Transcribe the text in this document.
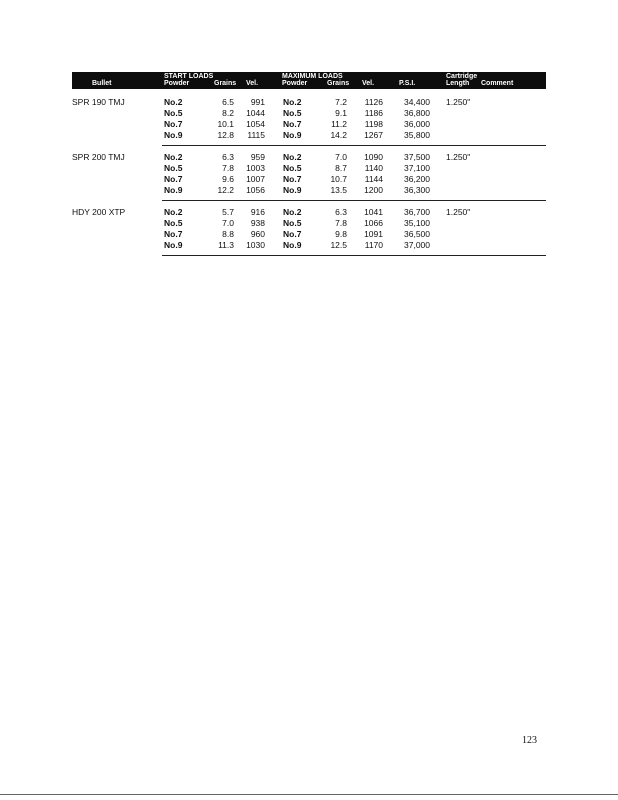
Bullet
START LOADS
Powder	Grains Vel.
MAXIMUM LOADS
Powder	Grains Vel.	P.S.I.
Cartridge
Length Comment
SPR 190 TMJ	1.250"
No.2	6.5	991 No.2	7.2	1126	34,400
No.5	8.2	1044 No.5	9.1	1186	36,800
No.7	10.1	1054 No.7	11.2	1198	36,000
No.9	12.8	1115 No.9	14.2	1267	35,800
SPR 200 TMJ	1.250"
No.2	6.3	959 No.2	7.0	1090	37,500
No.5	7.8	1003 No.5	8.7	1140	37,100
No.7	9.6	1007 No.7	10.7	1144	36,200
No.9	12.2	1056 No.9	13.5	1200	36,300
HDY 200 XTP	1.250"
No.2	5.7	916 No.2	6.3	1041	36,700
No.5	7.0	938 No.5	7.8	1066	35,100
No.7	8.8	960 No.7	9.8	1091	36,500
No.9	11.3	1030 No.9	12.5	1170	37,000
123
